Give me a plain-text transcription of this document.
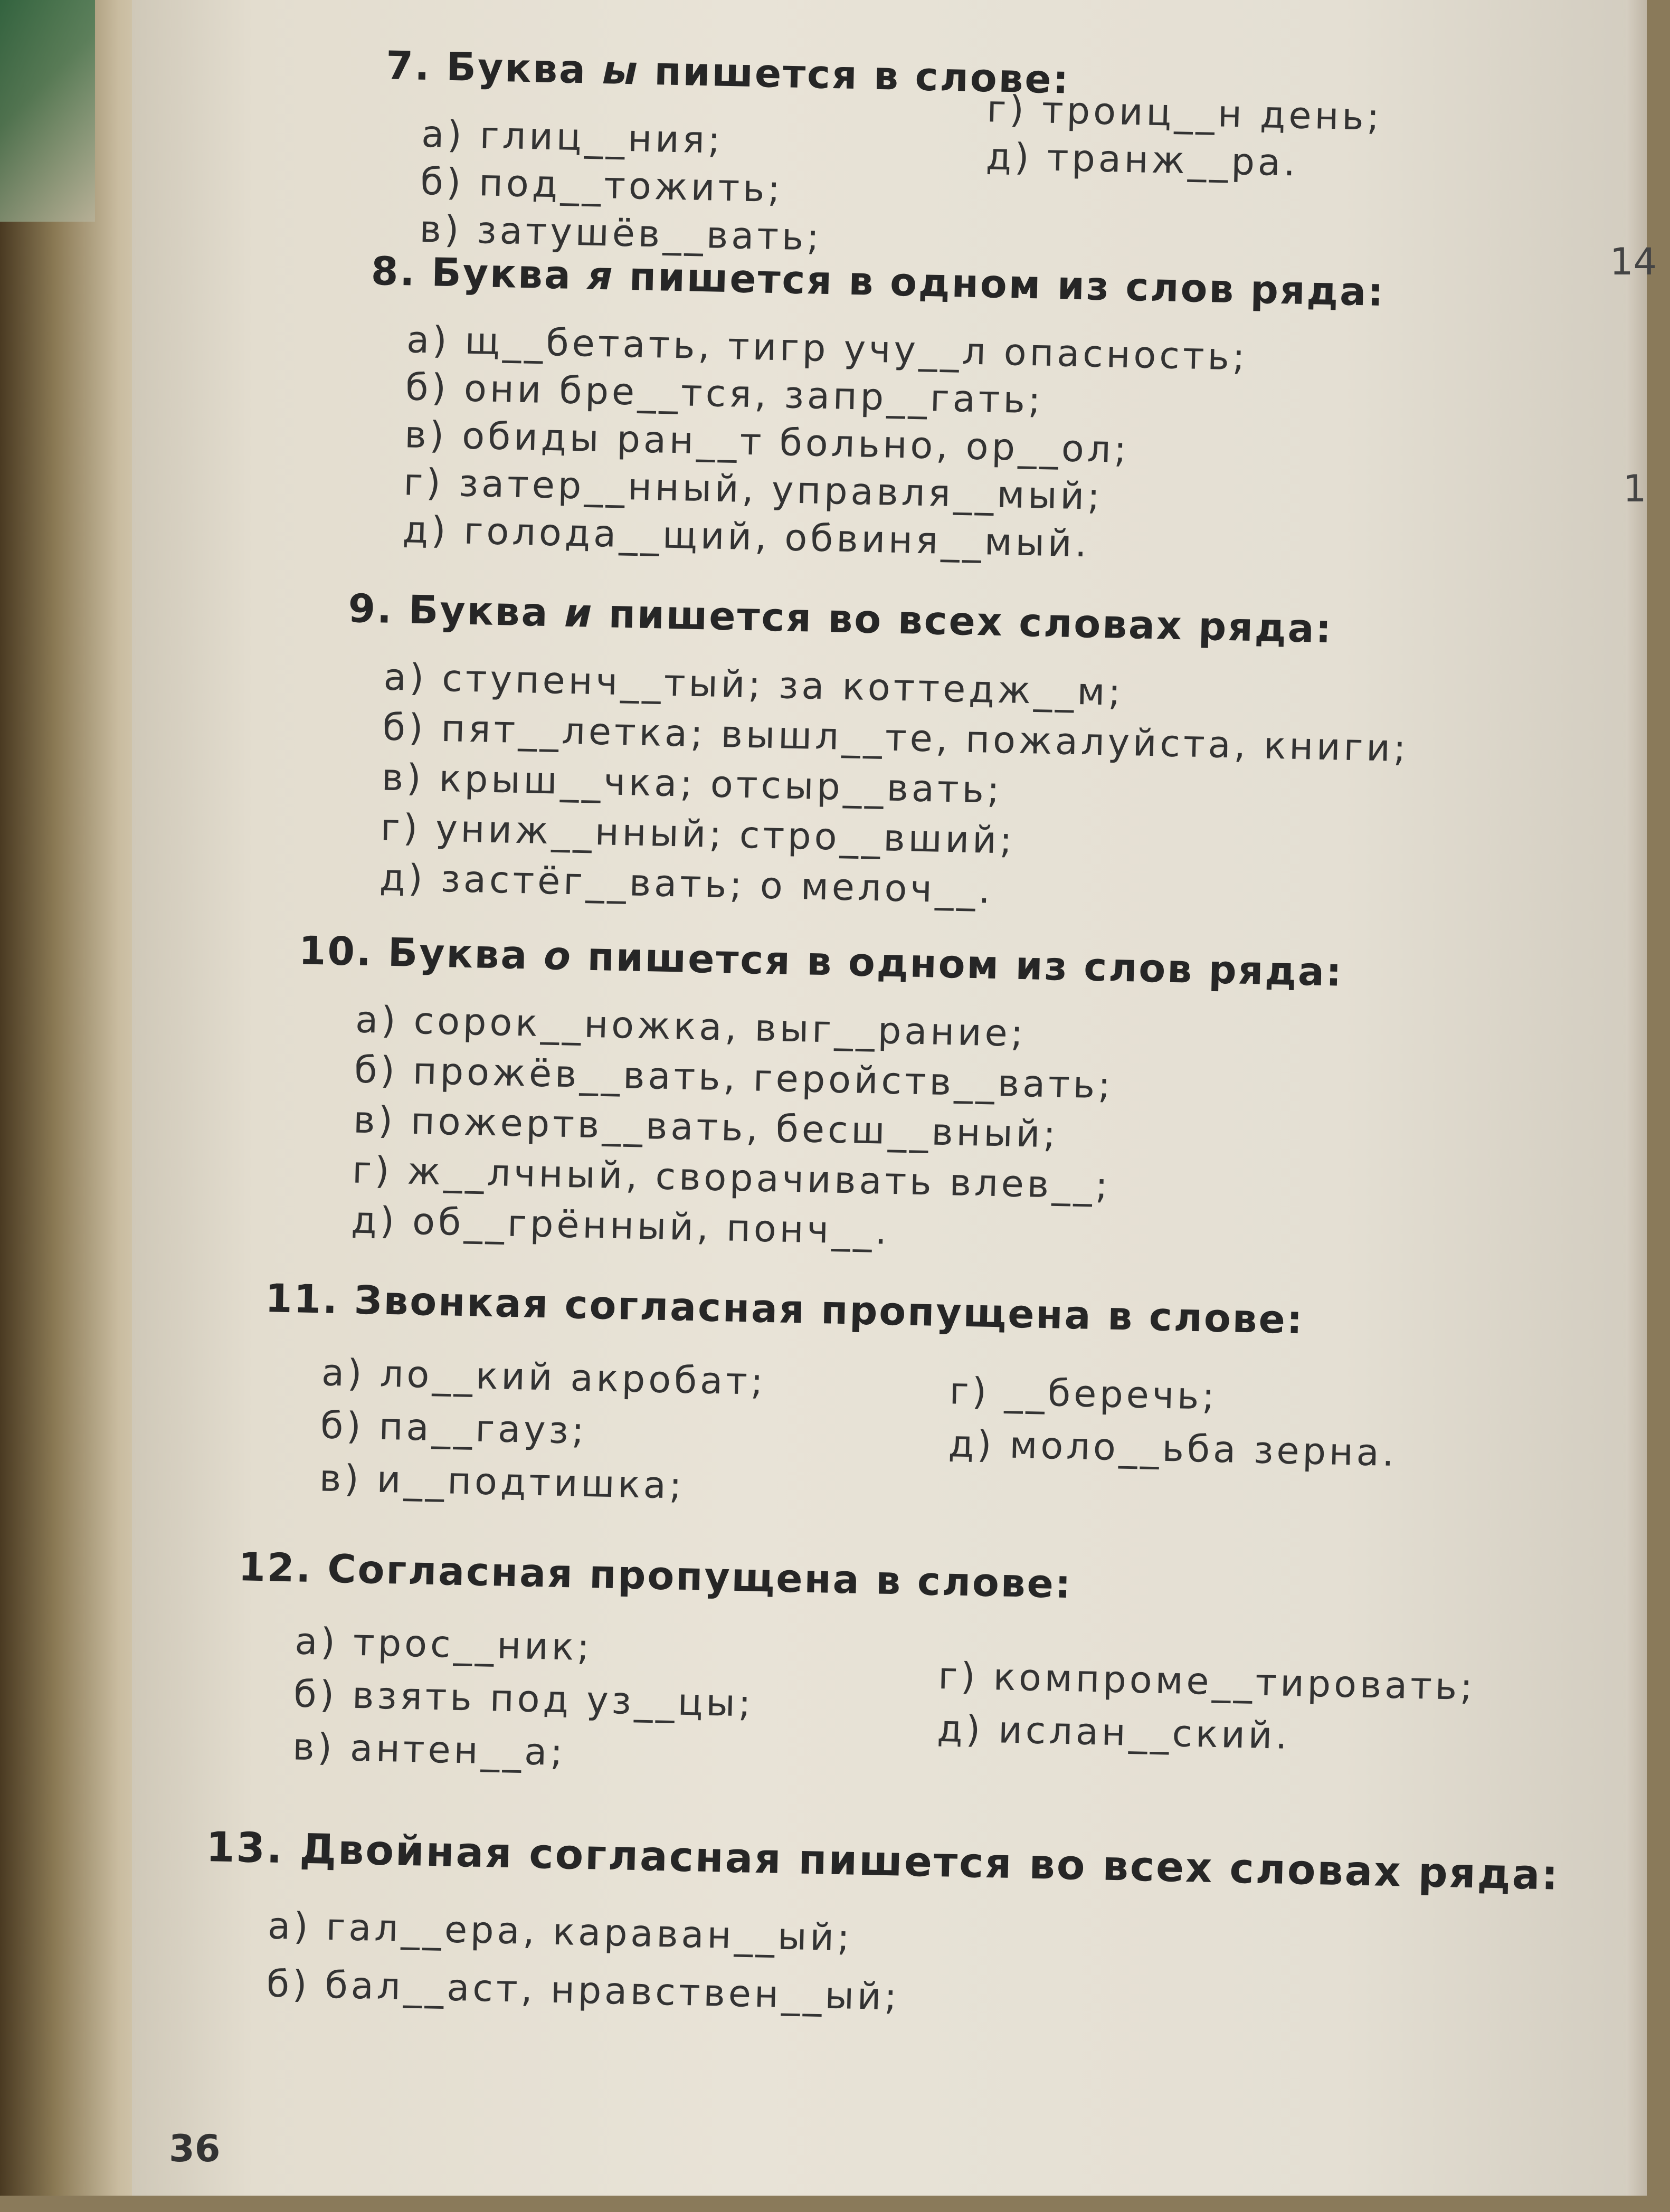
7. Буква ы пишется в слове:
а) глиц__ния;
б) под__тожить;
в) затушёв__вать;
г) троиц__н день;
д) транж__ра.
8. Буква я пишется в одном из слов ряда:
а) щ__бетать, тигр учу__л опасность;
б) они бре__тся, запр__гать;
в) обиды ран__т больно, ор__ол;
г) затер__нный, управля__мый;
д) голода__щий, обвиня__мый.
9. Буква и пишется во всех словах ряда:
а) ступенч__тый; за коттедж__м;
б) пят__летка; вышл__те, пожалуйста, книги;
в) крыш__чка; отсыр__вать;
г) униж__нный; стро__вший;
д) застёг__вать; о мелоч__.
10. Буква о пишется в одном из слов ряда:
а) сорок__ножка, выг__рание;
б) прожёв__вать, геройств__вать;
в) пожертв__вать, бесш__вный;
г) ж__лчный, сворачивать влев__;
д) об__грённый, понч__.
11. Звонкая согласная пропущена в слове:
а) ло__кий акробат;
б) па__гауз;
в) и__подтишка;
г) __беречь;
д) моло__ьба зерна.
12. Согласная пропущена в слове:
а) трос__ник;
б) взять под уз__цы;
в) антен__а;
г) компроме__тировать;
д) ислан__ский.
13. Двойная согласная пишется во всех словах ряда:
а) гал__ера, караван__ый;
б) бал__аст, нравствен__ый;
36
14
1
